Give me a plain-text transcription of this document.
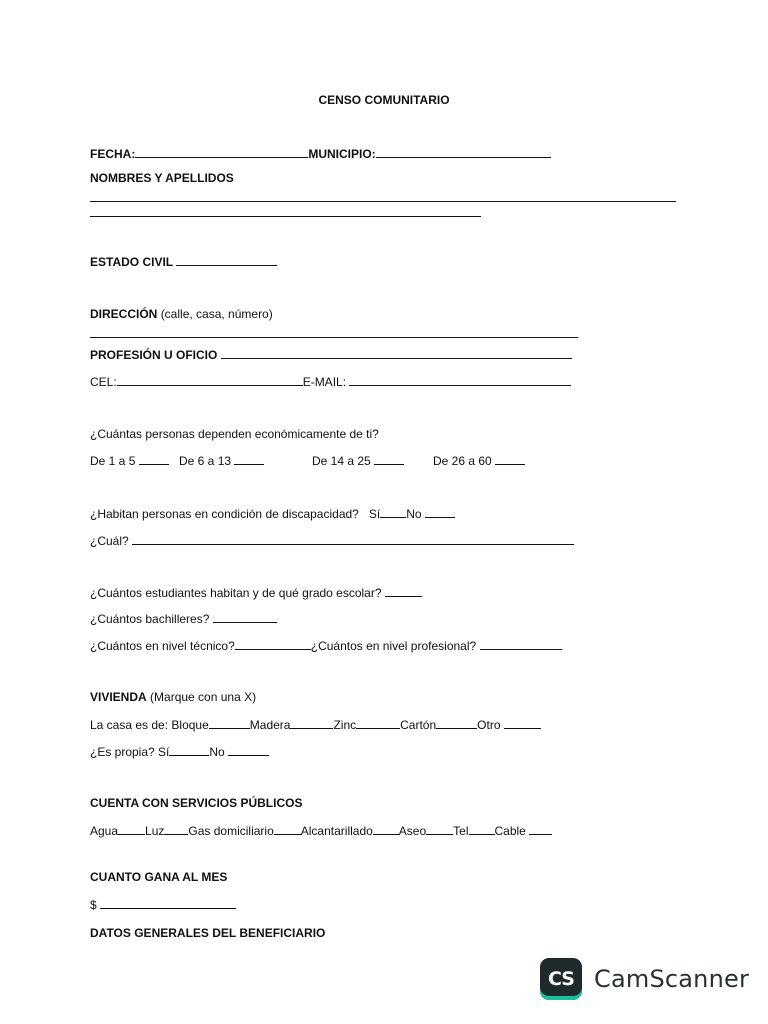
CENSO COMUNITARIO
FECHA:	MUNICIPIO:
NOMBRES Y APELLIDOS
ESTADO CIVIL
DIRECCIÓN (calle, casa, número)
PROFESIÓN U OFICIO
CEL:	E-MAIL:
¿Cuántas personas dependen económicamente de ti?
De 1 a 5	De 6 a 13	De 14 a 25	De 26 a 60
¿Habitan personas en condición de discapacidad? Sí No
¿Cuál?
¿Cuántos estudiantes habitan y de qué grado escolar?
¿Cuántos bachilleres?
¿Cuántos en nivel técnico?	¿Cuántos en nivel profesional?
VIVIENDA (Marque con una X)
La casa es de: Bloque	Madera	Zinc	Cartón	Otro
¿Es propia? Sí	No
CUENTA CON SERVICIOS PÚBLICOS
Agua Luz Gas domiciliario Alcantarillado Aseo Tel Cable
CUANTO GANA AL MES
$
DATOS GENERALES DEL BENEFICIARIO
CS CamScanner
